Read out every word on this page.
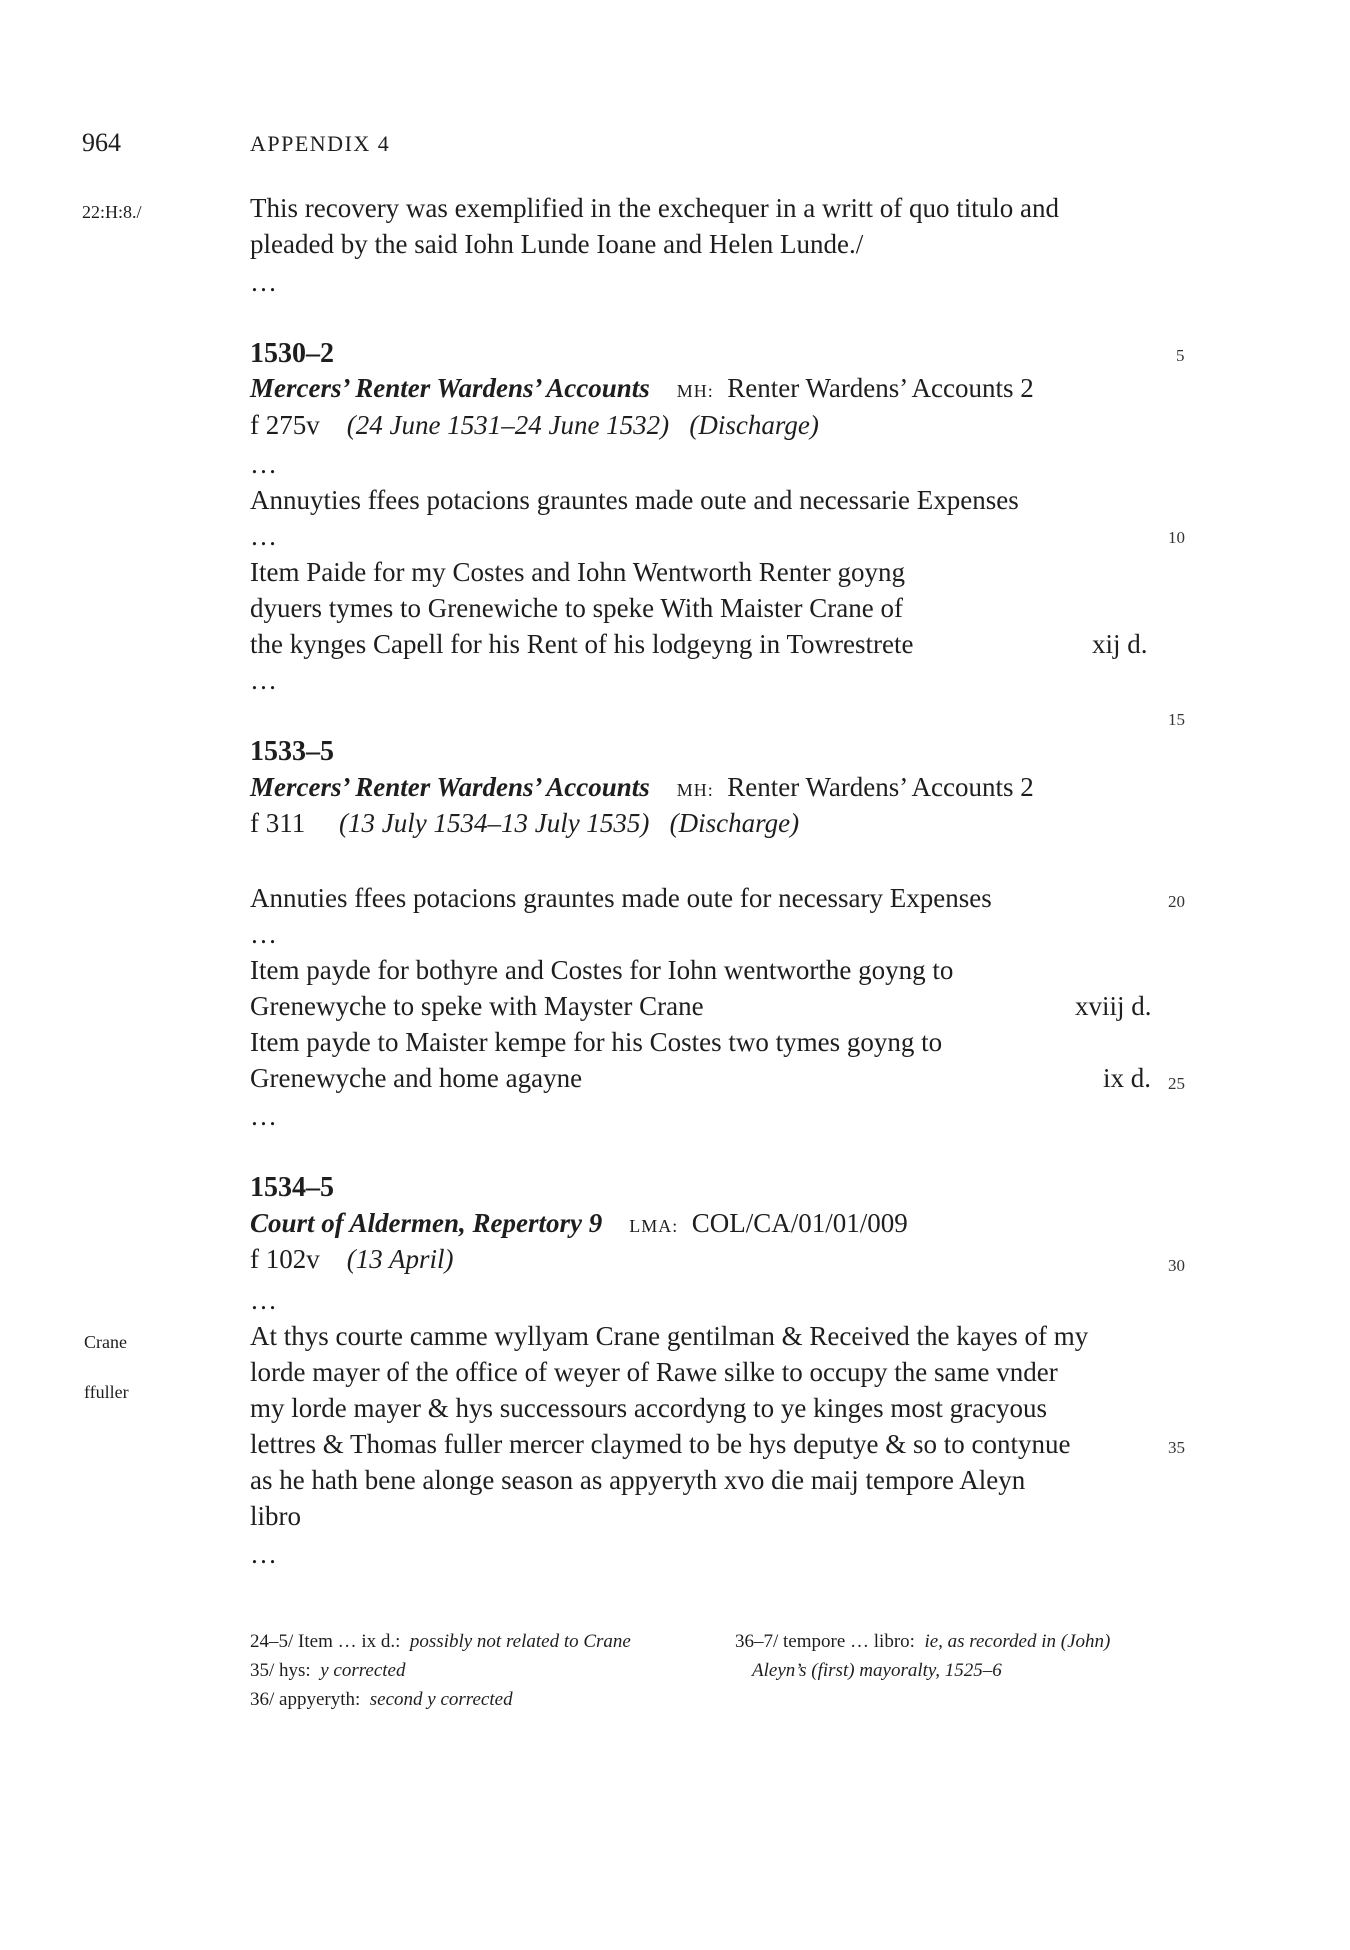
964	APPENDIX 4
22:H:8./
Crane
ffuller
5
10
15
20
25
30
35
This recovery was exemplified in the exchequer in a writt of quo titulo and
pleaded by the said Iohn Lunde Ioane and Helen Lunde./
…
1530–2
Mercers’ Renter Wardens’ Accounts MH: Renter Wardens’ Accounts 2
f 275v (24 June 1531–24 June 1532) (Discharge)
…
Annuyties ffees potacions grauntes made oute and necessarie Expenses
…
Item Paide for my Costes and Iohn Wentworth Renter goyng
dyuers tymes to Grenewiche to speke With Maister Crane of
the kynges Capell for his Rent of his lodgeyng in Towrestrete	xij d.
…
1533–5
Mercers’ Renter Wardens’ Accounts MH: Renter Wardens’ Accounts 2
f 311 (13 July 1534–13 July 1535) (Discharge)
Annuties ffees potacions grauntes made oute for necessary Expenses
…
Item payde for bothyre and Costes for Iohn wentworthe goyng to
Grenewyche to speke with Mayster Crane	xviij d.
Item payde to Maister kempe for his Costes two tymes goyng to
Grenewyche and home agayne	ix d.
…
1534–5
Court of Aldermen, Repertory 9 LMA: COL/CA/01/01/009
f 102v (13 April)
…
At thys courte camme wyllyam Crane gentilman & Received the kayes of my
lorde mayer of the office of weyer of Rawe silke to occupy the same vnder
my lorde mayer & hys successours accordyng to ye kinges most gracyous
lettres & Thomas fuller mercer claymed to be hys deputye & so to contynue
as he hath bene alonge season as appyeryth xvo die maij tempore Aleyn
libro
…
24–5/ Item … ix d.: possibly not related to Crane
35/ hys: y corrected
36/ appyeryth: second y corrected
36–7/ tempore … libro: ie, as recorded in (John)
Aleyn’s (first) mayoralty, 1525–6
